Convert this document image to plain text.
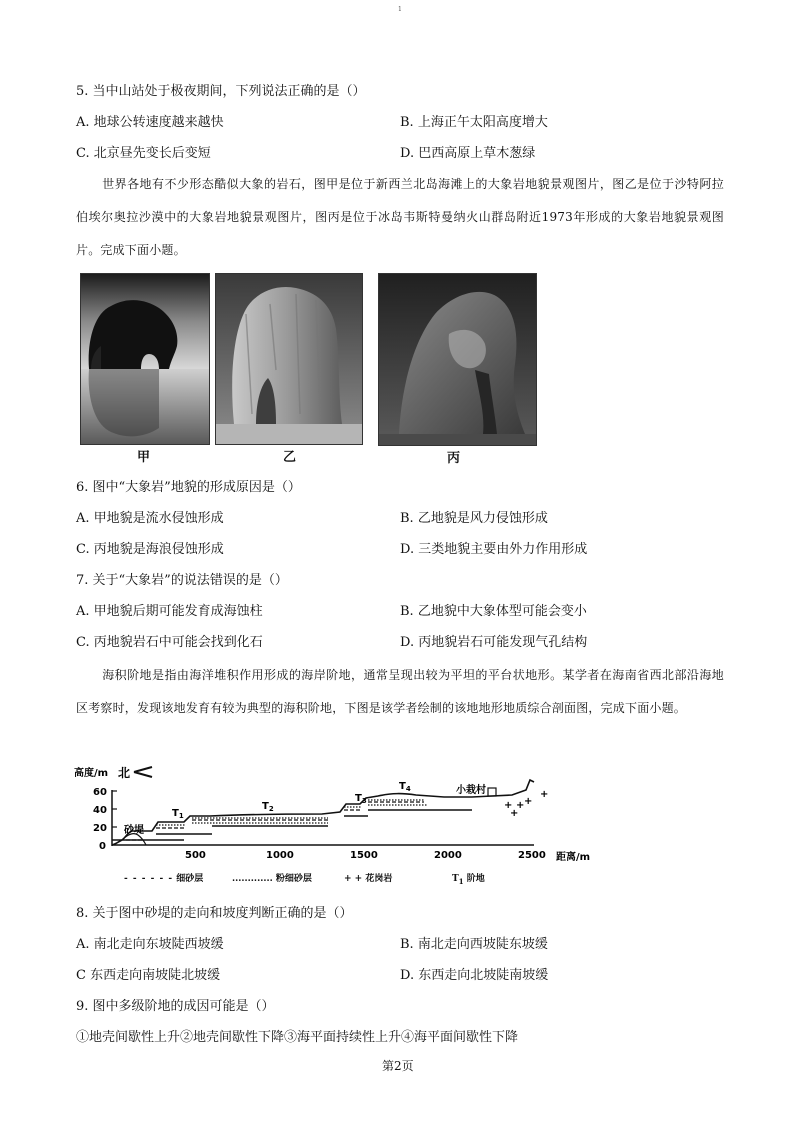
1
5. 当中山站处于极夜期间，下列说法正确的是（）
A. 地球公转速度越来越快	B. 上海正午太阳高度增大
C. 北京昼先变长后变短	D. 巴西高原上草木葱绿
世界各地有不少形态酷似大象的岩石，图甲是位于新西兰北岛海滩上的大象岩地貌景观图片，图乙是位于沙特阿拉伯埃尔奥拉沙漠中的大象岩地貌景观图片，图丙是位于冰岛韦斯特曼纳火山群岛附近1973年形成的大象岩地貌景观图片。完成下面小题。
甲	乙	丙
6. 图中“大象岩”地貌的形成原因是（）
A. 甲地貌是流水侵蚀形成	B. 乙地貌是风力侵蚀形成
C. 丙地貌是海浪侵蚀形成	D. 三类地貌主要由外力作用形成
7. 关于“大象岩”的说法错误的是（）
A. 甲地貌后期可能发育成海蚀柱	B. 乙地貌中大象体型可能会变小
C. 丙地貌岩石中可能会找到化石	D. 丙地貌岩石可能发现气孔结构
海积阶地是指由海洋堆积作用形成的海岸阶地，通常呈现出较为平坦的平台状地形。某学者在海南省西北部沿海地区考察时，发现该地发育有较为典型的海积阶地，下图是该学者绘制的该地地形地质综合剖面图，完成下面小题。
高度/m 北
60
40
20
0
500	1000	1500	2000	2500 距离/m
$T_1$
$T_2$
$T_3$
$T_4$
砂堤
小栽村
+ +
+
+
+
- - - - - - 细砂层	............. 粉细砂层	+ + 花岗岩	$T_1$ 阶地
8. 关于图中砂堤的走向和坡度判断正确的是（）
A. 南北走向东坡陡西坡缓	B. 南北走向西坡陡东坡缓
C 东西走向南坡陡北坡缓	D. 东西走向北坡陡南坡缓
9. 图中多级阶地的成因可能是（）
①地壳间歇性上升②地壳间歇性下降③海平面持续性上升④海平面间歇性下降
第2页
